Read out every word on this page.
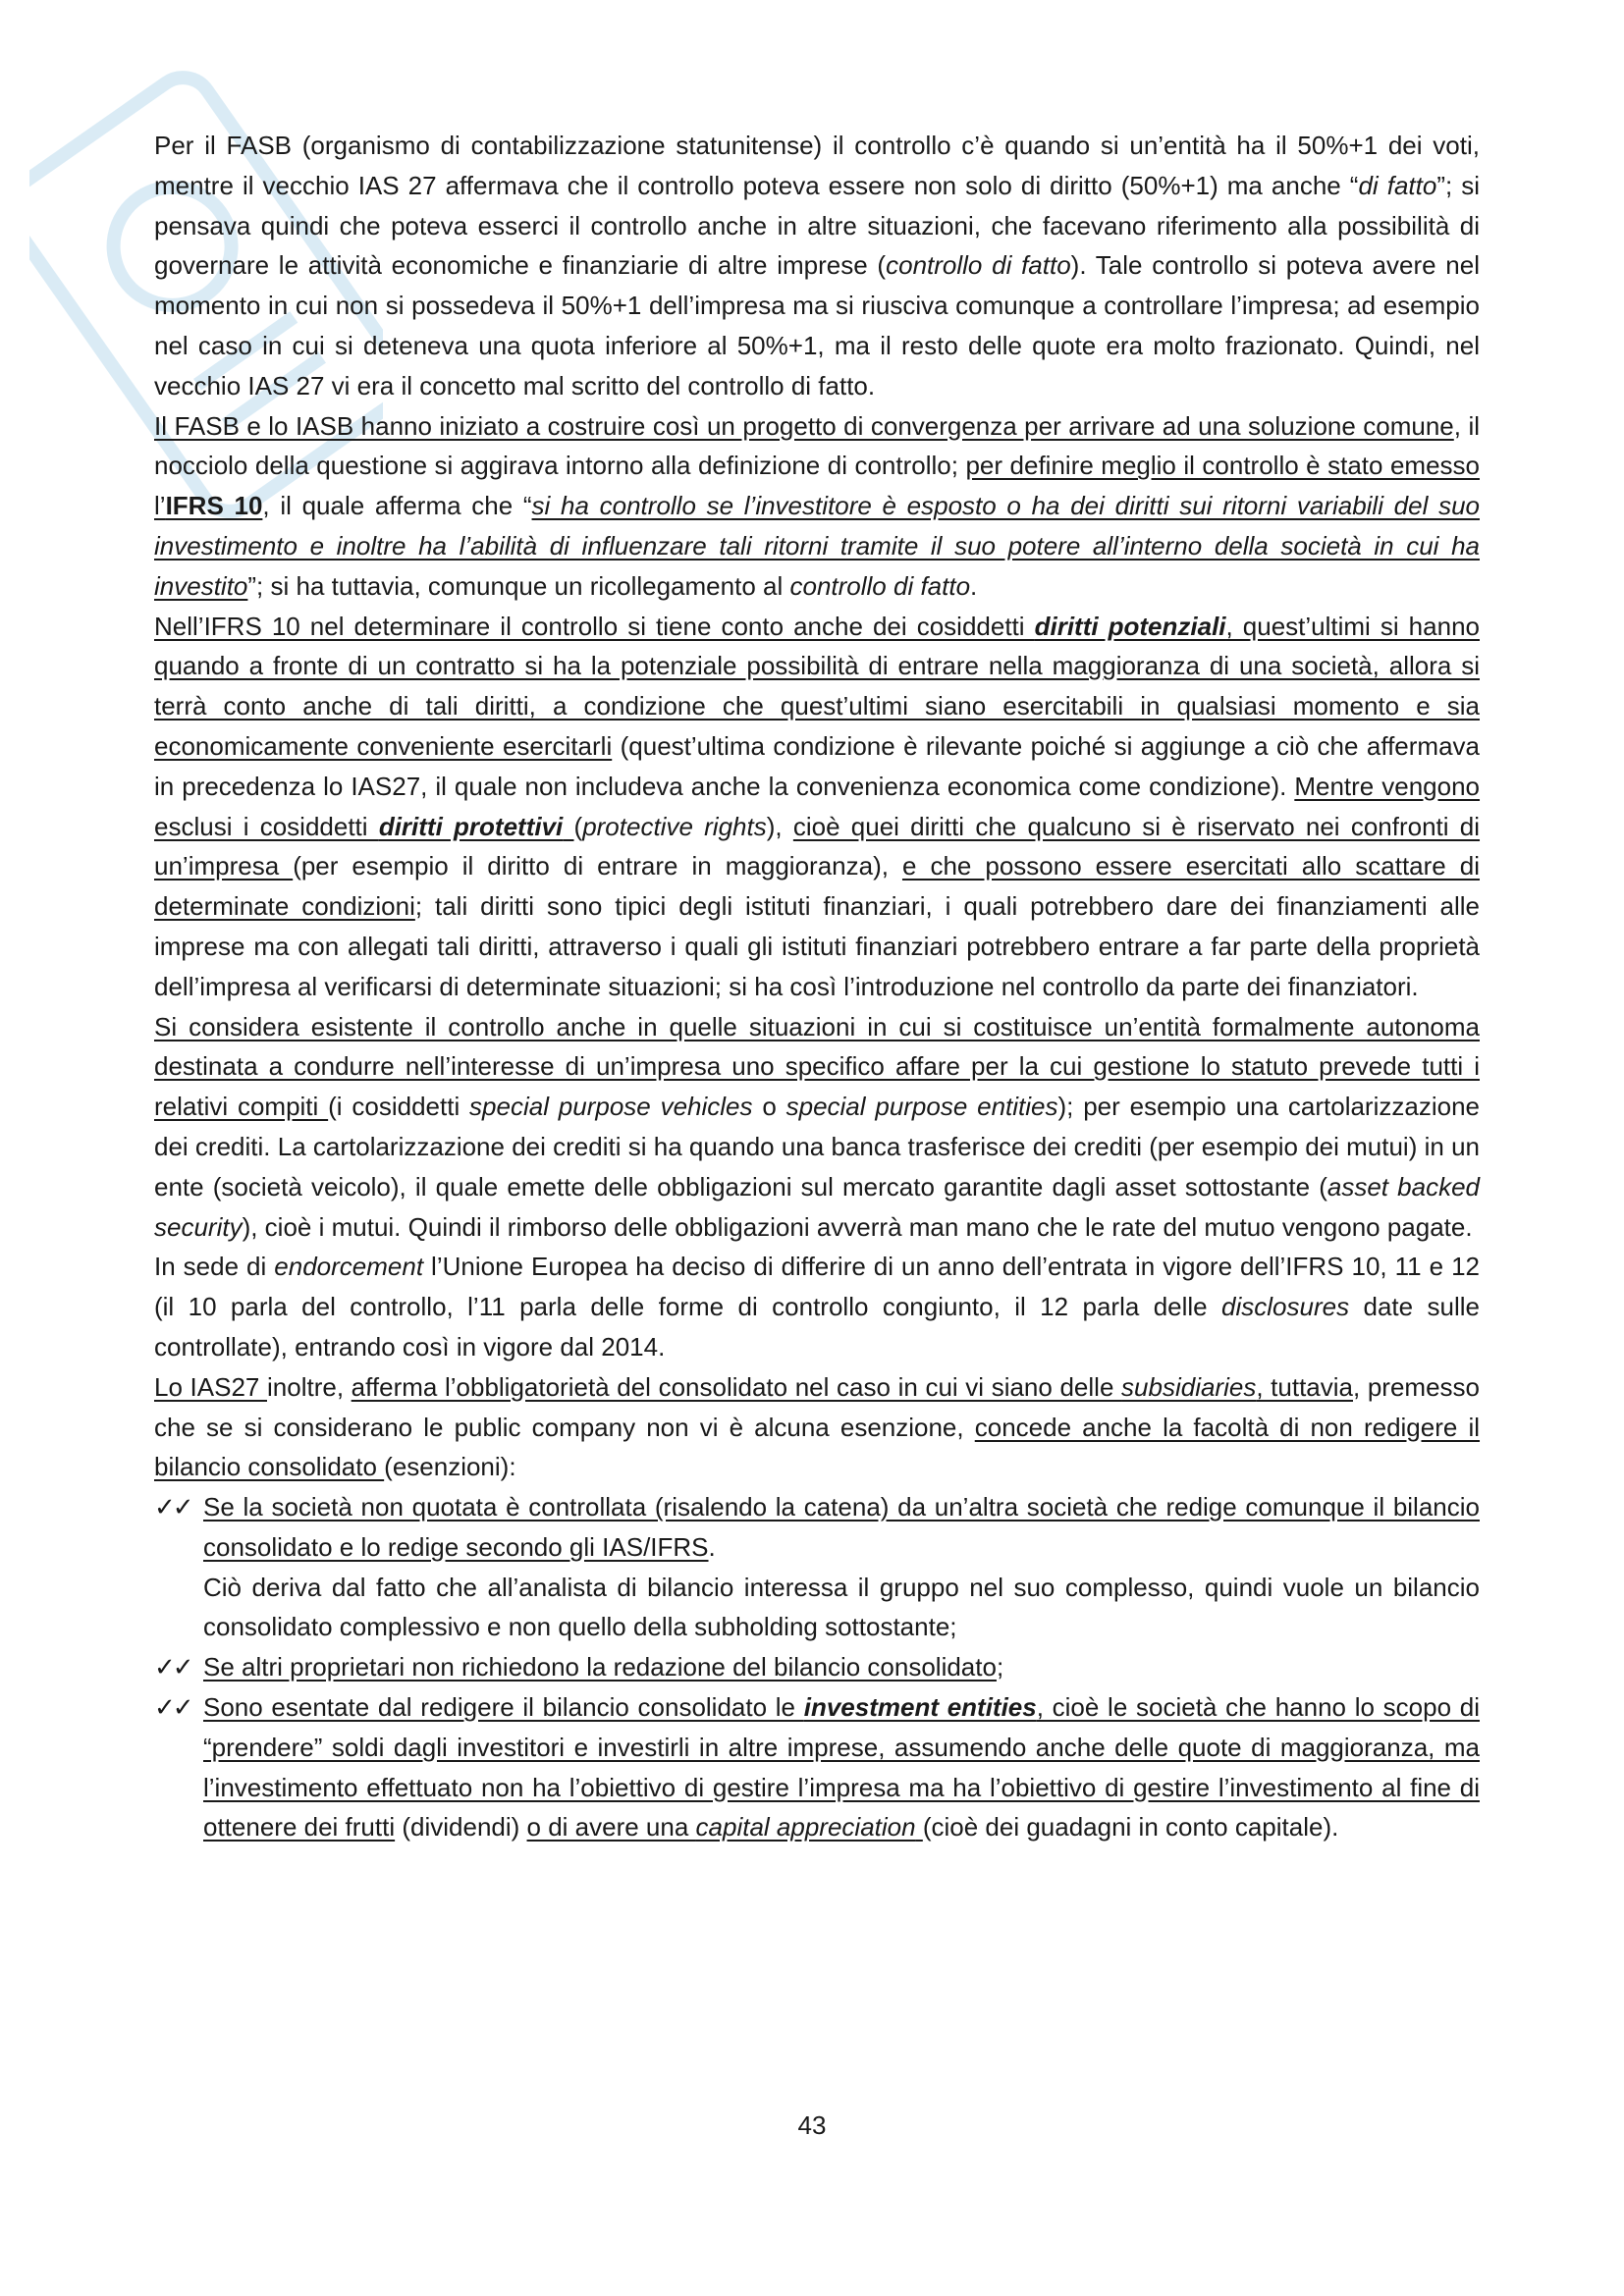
Per il FASB (organismo di contabilizzazione statunitense) il controllo c’è quando si un’entità ha il 50%+1 dei voti, mentre il vecchio IAS 27 affermava che il controllo poteva essere non solo di diritto (50%+1) ma anche “di fatto”; si pensava quindi che poteva esserci il controllo anche in altre situazioni, che facevano riferimento alla possibilità di governare le attività economiche e finanziarie di altre imprese (controllo di fatto). Tale controllo si poteva avere nel momento in cui non si possedeva il 50%+1 dell’impresa ma si riusciva comunque a controllare l’impresa; ad esempio nel caso in cui si deteneva una quota inferiore al 50%+1, ma il resto delle quote era molto frazionato. Quindi, nel vecchio IAS 27 vi era il concetto mal scritto del controllo di fatto.

Il FASB e lo IASB hanno iniziato a costruire così un progetto di convergenza per arrivare ad una soluzione comune, il nocciolo della questione si aggirava intorno alla definizione di controllo; per definire meglio il controllo è stato emesso l’IFRS 10, il quale afferma che “si ha controllo se l’investitore è esposto o ha dei diritti sui ritorni variabili del suo investimento e inoltre ha l’abilità di influenzare tali ritorni tramite il suo potere all’interno della società in cui ha investito”; si ha tuttavia, comunque un ricollegamento al controllo di fatto.

Nell’IFRS 10 nel determinare il controllo si tiene conto anche dei cosiddetti diritti potenziali, quest’ultimi si hanno quando a fronte di un contratto si ha la potenziale possibilità di entrare nella maggioranza di una società, allora si terrà conto anche di tali diritti, a condizione che quest’ultimi siano esercitabili in qualsiasi momento e sia economicamente conveniente esercitarli (quest’ultima condizione è rilevante poiché si aggiunge a ciò che affermava in precedenza lo IAS27, il quale non includeva anche la convenienza economica come condizione). Mentre vengono esclusi i cosiddetti diritti protettivi (protective rights), cioè quei diritti che qualcuno si è riservato nei confronti di un’impresa (per esempio il diritto di entrare in maggioranza), e che possono essere esercitati allo scattare di determinate condizioni; tali diritti sono tipici degli istituti finanziari, i quali potrebbero dare dei finanziamenti alle imprese ma con allegati tali diritti, attraverso i quali gli istituti finanziari potrebbero entrare a far parte della proprietà dell’impresa al verificarsi di determinate situazioni; si ha così l’introduzione nel controllo da parte dei finanziatori.

Si considera esistente il controllo anche in quelle situazioni in cui si costituisce un’entità formalmente autonoma destinata a condurre nell’interesse di un’impresa uno specifico affare per la cui gestione lo statuto prevede tutti i relativi compiti (i cosiddetti special purpose vehicles o special purpose entities); per esempio una cartolarizzazione dei crediti. La cartolarizzazione dei crediti si ha quando una banca trasferisce dei crediti (per esempio dei mutui) in un ente (società veicolo), il quale emette delle obbligazioni sul mercato garantite dagli asset sottostante (asset backed security), cioè i mutui. Quindi il rimborso delle obbligazioni avverrà man mano che le rate del mutuo vengono pagate.

In sede di endorcement l’Unione Europea ha deciso di differire di un anno dell’entrata in vigore dell’IFRS 10, 11 e 12 (il 10 parla del controllo, l’11 parla delle forme di controllo congiunto, il 12 parla delle disclosures date sulle controllate), entrando così in vigore dal 2014.

Lo IAS27 inoltre, afferma l’obbligatorietà del consolidato nel caso in cui vi siano delle subsidiaries, tuttavia, premesso che se si considerano le public company non vi è alcuna esenzione, concede anche la facoltà di non redigere il bilancio consolidato (esenzioni):

✓✓ Se la società non quotata è controllata (risalendo la catena) da un’altra società che redige comunque il bilancio consolidato e lo redige secondo gli IAS/IFRS.
Ciò deriva dal fatto che all’analista di bilancio interessa il gruppo nel suo complesso, quindi vuole un bilancio consolidato complessivo e non quello della subholding sottostante;
✓✓ Se altri proprietari non richiedono la redazione del bilancio consolidato;
✓✓ Sono esentate dal redigere il bilancio consolidato le investment entities, cioè le società che hanno lo scopo di “prendere” soldi dagli investitori e investirli in altre imprese, assumendo anche delle quote di maggioranza, ma l’investimento effettuato non ha l’obiettivo di gestire l’impresa ma ha l’obiettivo di gestire l’investimento al fine di ottenere dei frutti (dividendi) o di avere una capital appreciation (cioè dei guadagni in conto capitale).
43
